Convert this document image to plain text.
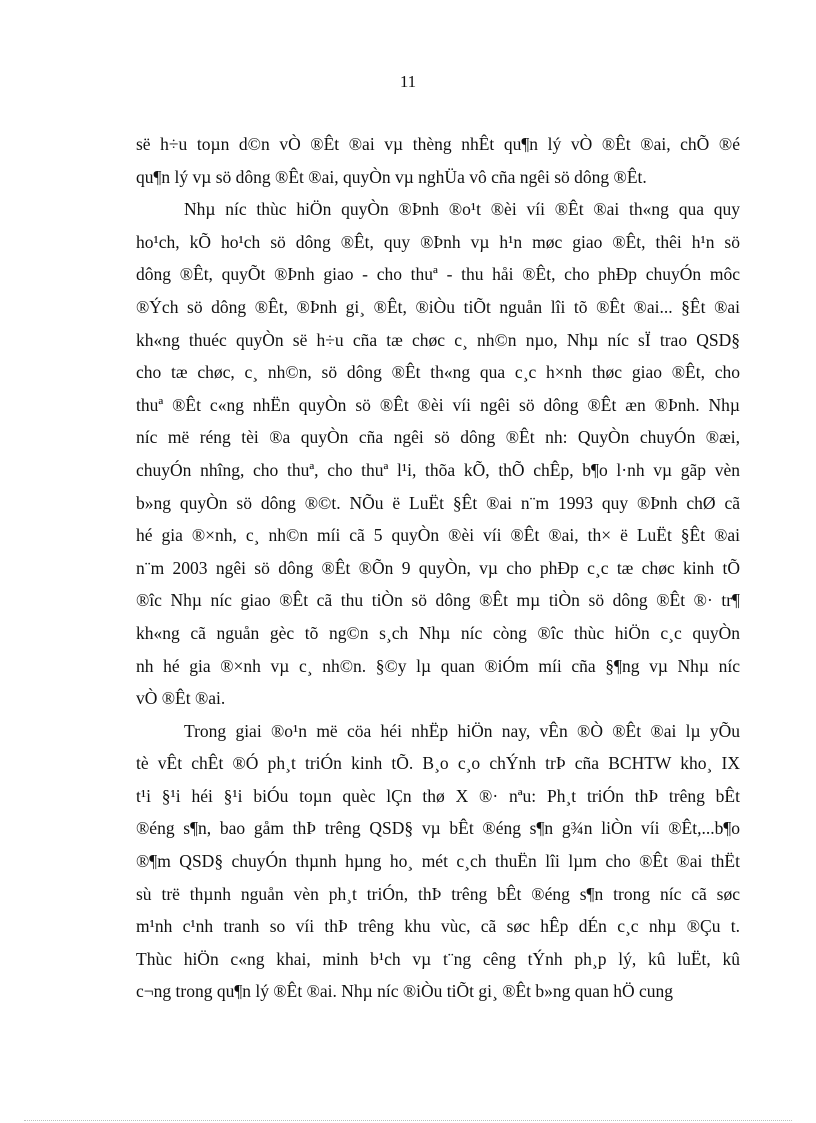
11

së h÷u toµn d©n vÒ ®Êt ®ai vµ thèng nhÊt qu¶n lý vÒ ®Êt ®ai, chÕ ®é
qu¶n lý vµ sö dông ®Êt ®ai, quyÒn vµ nghÜa vô cña ngêi sö dông ®Êt.

Nhµ níc thùc hiÖn quyÒn ®Þnh ®o¹t ®èi víi ®Êt ®ai th«ng qua quy
ho¹ch, kÕ ho¹ch sö dông ®Êt, quy ®Þnh vµ h¹n møc giao ®Êt, thêi h¹n sö
dông ®Êt, quyÕt ®Þnh giao - cho thuª - thu håi ®Êt, cho phÐp chuyÓn môc
®Ých sö dông ®Êt, ®Þnh gi¸ ®Êt, ®iÒu tiÕt nguån lîi tõ ®Êt ®ai... §Êt ®ai
kh«ng thuéc quyÒn së h÷u cña tæ chøc c¸ nh©n nµo, Nhµ níc sÏ trao QSD§
cho tæ chøc, c¸ nh©n, sö dông ®Êt th«ng qua c¸c h×nh thøc giao ®Êt, cho
thuª ®Êt c«ng nhËn quyÒn sö ®Êt ®èi víi ngêi sö dông ®Êt æn ®Þnh. Nhµ
níc më réng tèi ®a quyÒn cña ngêi sö dông ®Êt nh: QuyÒn chuyÓn ®æi,
chuyÓn nhîng, cho thuª, cho thuª l¹i, thõa kÕ, thÕ chÊp, b¶o l·nh vµ gãp vèn
b»ng quyÒn sö dông ®©t. NÕu ë LuËt §Êt ®ai n¨m 1993 quy ®Þnh chØ cã
hé gia ®×nh, c¸ nh©n míi cã 5 quyÒn ®èi víi ®Êt ®ai, th× ë LuËt §Êt ®ai
n¨m 2003 ngêi sö dông ®Êt ®Õn 9 quyÒn, vµ cho phÐp c¸c tæ chøc kinh tÕ
®îc Nhµ níc giao ®Êt cã thu tiÒn sö dông ®Êt mµ tiÒn sö dông ®Êt ®· tr¶
kh«ng cã nguån gèc tõ ng©n s¸ch Nhµ níc còng ®îc thùc hiÖn c¸c quyÒn
nh hé gia ®×nh vµ c¸ nh©n. §©y lµ quan ®iÓm míi cña §¶ng vµ Nhµ níc
vÒ ®Êt ®ai.

Trong giai ®o¹n më cöa héi nhËp hiÖn nay, vÊn ®Ò ®Êt ®ai lµ yÕu
tè vÊt chÊt ®Ó ph¸t triÓn kinh tÕ. B¸o c¸o chÝnh trÞ cña BCHTW kho¸ IX
t¹i §¹i héi §¹i biÓu toµn quèc lÇn thø X ®· nªu: Ph¸t triÓn thÞ trêng bÊt
®éng s¶n, bao gåm thÞ trêng QSD§ vµ bÊt ®éng s¶n g¾n liÒn víi ®Êt,...b¶o
®¶m QSD§ chuyÓn thµnh hµng ho¸ mét c¸ch thuËn lîi lµm cho ®Êt ®ai thËt
sù trë thµnh nguån vèn ph¸t triÓn, thÞ trêng bÊt ®éng s¶n trong níc cã søc
m¹nh c¹nh tranh so víi thÞ trêng khu vùc, cã søc hÊp dÉn c¸c nhµ ®Çu t.
Thùc hiÖn c«ng khai, minh b¹ch vµ t¨ng cêng tÝnh ph¸p lý, kû luËt, kû
c¬ng trong qu¶n lý ®Êt ®ai. Nhµ níc ®iÒu tiÕt gi¸ ®Êt b»ng quan hÖ cung
